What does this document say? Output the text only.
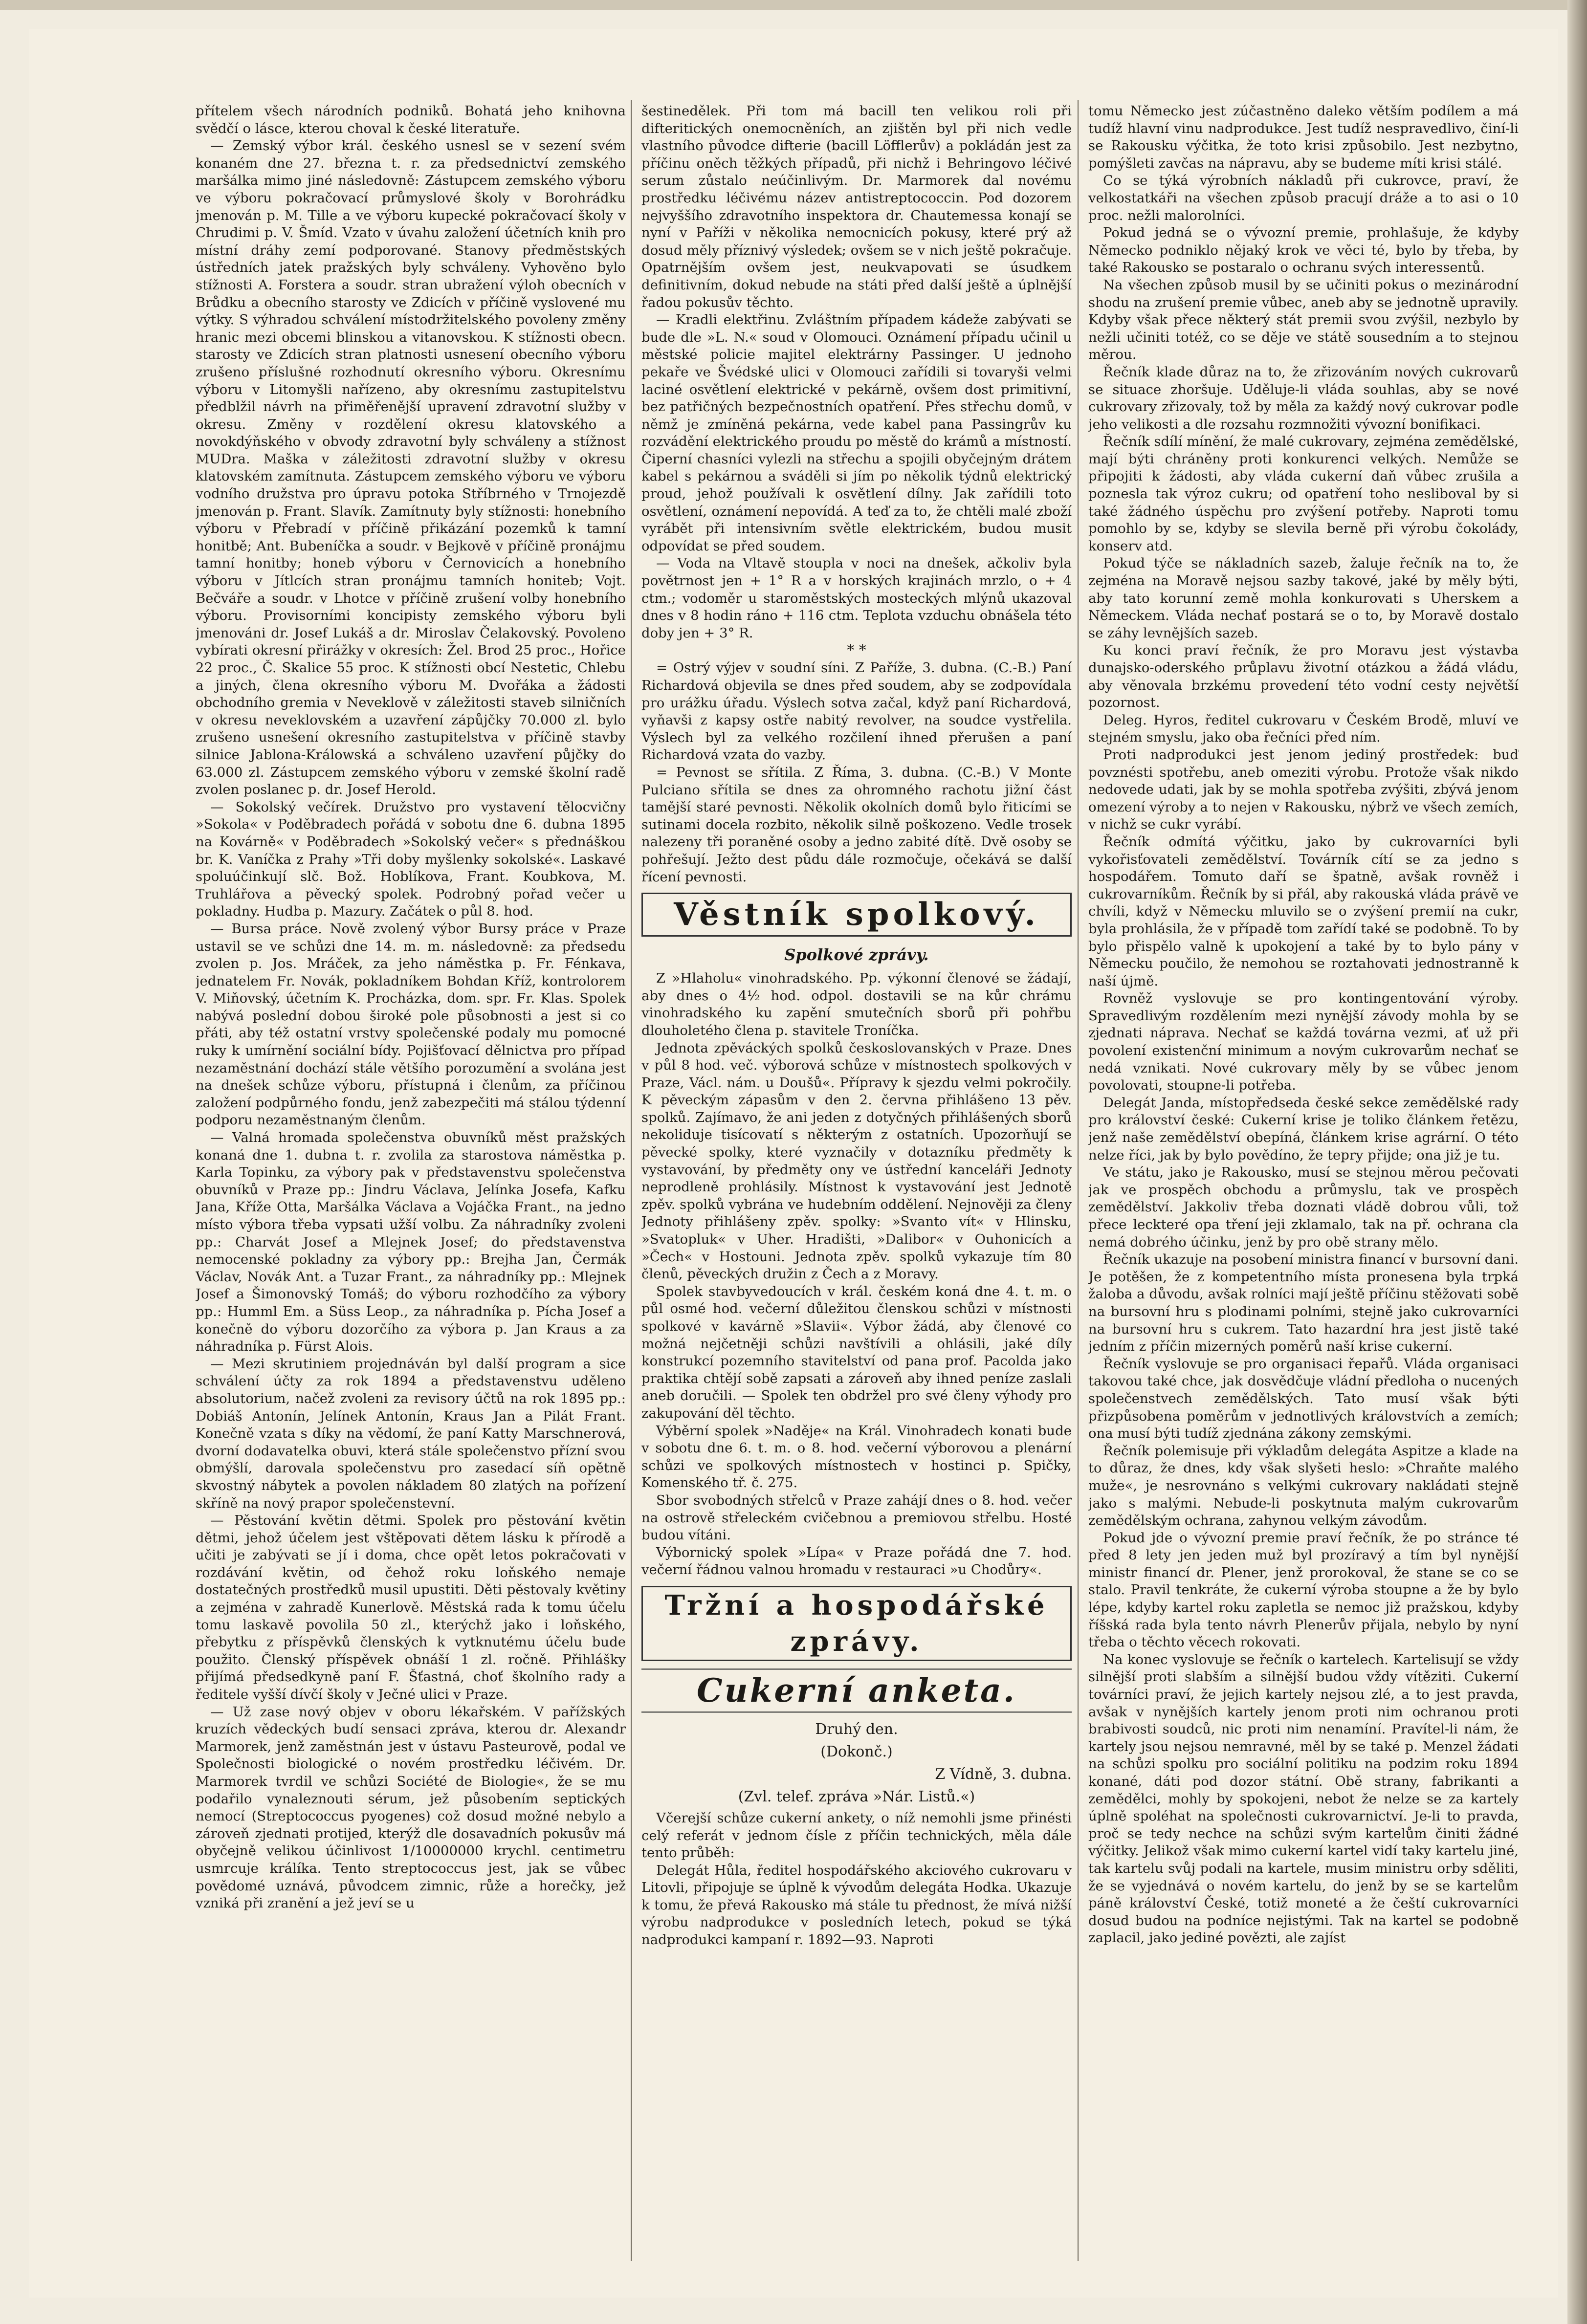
přítelem všech národních podniků. Bohatá jeho knihovna svědčí o lásce, kterou choval k české literatuře.

— Zemský výbor král. českého usnesl se v sezení svém konaném dne 27. března t. r. za předsednictví zemského maršálka mimo jiné následovně: Zástupcem zemského výboru ve výboru pokračovací průmyslové školy v Borohrádku jmenován p. M. Tille a ve výboru kupecké pokračovací školy v Chrudimi p. V. Šmíd. Vzato v úvahu založení účetních knih pro místní dráhy zemí podporované. Stanovy předměstských ústředních jatek pražských byly schváleny. Vyhověno bylo stížnosti A. Forstera a soudr. stran ubražení výloh obecních v Brůdku a obecního starosty ve Zdicích v příčině vyslovené mu výtky. S výhradou schválení místodržitelského povoleny změny hranic mezi obcemi blinskou a vitanovskou. K stížnosti obecn. starosty ve Zdicích stran platnosti usnesení obecního výboru zrušeno příslušné rozhodnutí okresního výboru. Okresnímu výboru v Litomyšli nařízeno, aby okresnímu zastupitelstvu předblžil návrh na přiměřenější upravení zdravotní služby v okresu. Změny v rozdělení okresu klatovského a novokdýňského v obvody zdravotní byly schváleny a stížnost MUDra. Maška v záležitosti zdravotní služby v okresu klatovském zamítnuta. Zástupcem zemského výboru ve výboru vodního družstva pro úpravu potoka Stříbrného v Trnojezdě jmenován p. Frant. Slavík. Zamítnuty byly stížnosti: honebního výboru v Přebradí v příčině přikázání pozemků k tamní honitbě; Ant. Bubeníčka a soudr. v Bejkově v příčině pronájmu tamní honitby; honeb výboru v Černovicích a honebního výboru v Jítlcích stran pronájmu tamních honiteb; Vojt. Bečváře a soudr. v Lhotce v příčině zrušení volby honebního výboru. Provisorními koncipisty zemského výboru byli jmenováni dr. Josef Lukáš a dr. Miroslav Čelakovský. Povoleno vybírati okresní přirážky v okresích: Žel. Brod 25 proc., Hořice 22 proc., Č. Skalice 55 proc. K stížnosti obcí Nestetic, Chlebu a jiných, člena okresního výboru M. Dvořáka a žádosti obchodního gremia v Neveklově v záležitosti staveb silničních v okresu neveklovském a uzavření zápůjčky 70.000 zl. bylo zrušeno usnešení okresního zastupitelstva v příčině stavby silnice Jablona-Králowská a schváleno uzavření půjčky do 63.000 zl. Zástupcem zemského výboru v zemské školní radě zvolen poslanec p. dr. Josef Herold.

— Sokolský večírek. Družstvo pro vystavení tělocvičny »Sokola« v Poděbradech pořádá v sobotu dne 6. dubna 1895 na Kovárně« v Poděbradech »Sokolský večer« s přednáškou br. K. Vaníčka z Prahy »Tři doby myšlenky sokolské«. Laskavé spoluúčinkují slč. Bož. Hoblíkova, Frant. Koubkova, M. Truhlářova a pěvecký spolek. Podrobný pořad večer u pokladny. Hudba p. Mazury. Začátek o půl 8. hod.

— Bursa práce. Nově zvolený výbor Bursy práce v Praze ustavil se ve schůzi dne 14. m. m. následovně: za předsedu zvolen p. Jos. Mráček, za jeho náměstka p. Fr. Fénkava, jednatelem Fr. Novák, pokladníkem Bohdan Kříž, kontrolorem V. Miňovský, účetním K. Procházka, dom. spr. Fr. Klas. Spolek nabývá poslední dobou široké pole působnosti a jest si co přáti, aby též ostatní vrstvy společenské podaly mu pomocné ruky k umírnění sociální bídy. Pojišťovací dělnictva pro případ nezaměstnání dochází stále většího porozumění a svolána jest na dnešek schůze výboru, přístupná i členům, za příčinou založení podpůrného fondu, jenž zabezpečiti má stálou týdenní podporu nezaměstnaným členům.

— Valná hromada společenstva obuvníků měst pražských konaná dne 1. dubna t. r. zvolila za starostova náměstka p. Karla Topinku, za výbory pak v představenstvu společenstva obuvníků v Praze pp.: Jindru Václava, Jelínka Josefa, Kafku Jana, Kříže Otta, Maršálka Václava a Vojáčka Frant., na jedno místo výbora třeba vypsati užší volbu. Za náhradníky zvoleni pp.: Charvát Josef a Mlejnek Josef; do představenstva nemocenské pokladny za výbory pp.: Brejha Jan, Čermák Václav, Novák Ant. a Tuzar Frant., za náhradníky pp.: Mlejnek Josef a Šimonovský Tomáš; do výboru rozhodčího za výbory pp.: Humml Em. a Süss Leop., za náhradníka p. Pícha Josef a konečně do výboru dozorčího za výbora p. Jan Kraus a za náhradníka p. Fürst Alois.

— Mezi skrutiniem projednáván byl další program a sice schválení účty za rok 1894 a představenstvu uděleno absolutorium, načež zvoleni za revisory účtů na rok 1895 pp.: Dobiáš Antonín, Jelínek Antonín, Kraus Jan a Pilát Frant. Konečně vzata s díky na vědomí, že paní Katty Marschnerová, dvorní dodavatelka obuvi, která stále společenstvo přízní svou obmýšlí, darovala společenstvu pro zasedací síň opětně skvostný nábytek a povolen nákladem 80 zlatých na pořízení skříně na nový prapor společenstevní.

— Pěstování květin dětmi. Spolek pro pěstování květin dětmi, jehož účelem jest vštěpovati dětem lásku k přírodě a učiti je zabývati se jí i doma, chce opět letos pokračovati v rozdávání květin, od čehož roku loňského nemaje dostatečných prostředků musil upustiti. Děti pěstovaly květiny a zejména v zahradě Kunerlově. Městská rada k tomu účelu tomu laskavě povolila 50 zl., kterýchž jako i loňského, přebytku z příspěvků členských k vytknutému účelu bude použito. Členský příspěvek obnáší 1 zl. ročně. Přihlášky přijímá předsedkyně paní F. Šťastná, choť školního rady a ředitele vyšší dívčí školy v Ječné ulici v Praze.

— Už zase nový objev v oboru lékařském. V pařížských kruzích vědeckých budí sensaci zpráva, kterou dr. Alexandr Marmorek, jenž zaměstnán jest v ústavu Pasteurově, podal ve Společnosti biologické o novém prostředku léčivém. Dr. Marmorek tvrdil ve schůzi Société de Biologie«, že se mu podařilo vynaleznouti sérum, jež působením septických nemocí (Streptococcus pyogenes) což dosud možné nebylo a zároveň zjednati protijed, kterýž dle dosavadních pokusův má obyčejně velikou účinlivost 1/10000000 krychl. centimetru usmrcuje králíka. Tento streptococcus jest, jak se vůbec povědomé uznává, původcem zimnic, růže a horečky, jež vzniká při zranění a jež jeví se u

šestinedělek. Při tom má bacill ten velikou roli při difteritických onemocněních, an zjištěn byl při nich vedle vlastního původce difterie (bacill Löfflerův) a pokládán jest za příčinu oněch těžkých případů, při nichž i Behringovo léčivé serum zůstalo neúčinlivým. Dr. Marmorek dal novému prostředku léčivému název antistreptococcin. Pod dozorem nejvyššího zdravotního inspektora dr. Chautemessa konají se nyní v Paříži v několika nemocnicích pokusy, které prý až dosud měly příznivý výsledek; ovšem se v nich ještě pokračuje. Opatrnějším ovšem jest, neukvapovati se úsudkem definitivním, dokud nebude na státi před další ještě a úplnější řadou pokusův těchto.

— Kradli elektřinu. Zvláštním případem kádeže zabývati se bude dle »L. N.« soud v Olomouci. Oznámení případu učinil u městské policie majitel elektrárny Passinger. U jednoho pekaře ve Švédské ulici v Olomouci zařídili si tovaryši velmi laciné osvětlení elektrické v pekárně, ovšem dost primitivní, bez patřičných bezpečnostních opatření. Přes střechu domů, v němž je zmíněná pekárna, vede kabel pana Passingrův ku rozvádění elektrického proudu po městě do krámů a místností. Čiperní chasníci vylezli na střechu a spojili obyčejným drátem kabel s pekárnou a sváděli si jím po několik týdnů elektrický proud, jehož používali k osvětlení dílny. Jak zařídili toto osvětlení, oznámení nepovídá. A teď za to, že chtěli malé zboží vyrábět při intensivním světle elektrickém, budou musit odpovídat se před soudem.

— Voda na Vltavě stoupla v noci na dnešek, ačkoliv byla povětrnost jen + 1° R a v horských krajinách mrzlo, o + 4 ctm.; vodoměr u staroměstských mosteckých mlýnů ukazoval dnes v 8 hodin ráno + 116 ctm. Teplota vzduchu obnášela této doby jen + 3° R.

* *

= Ostrý výjev v soudní síni. Z Paříže, 3. dubna. (C.-B.) Paní Richardová objevila se dnes před soudem, aby se zodpovídala pro urážku úřadu. Výslech sotva začal, když paní Richardová, vyňavši z kapsy ostře nabitý revolver, na soudce vystřelila. Výslech byl za velkého rozčilení ihned přerušen a paní Richardová vzata do vazby.

= Pevnost se sřítila. Z Říma, 3. dubna. (C.-B.) V Monte Pulciano sřítila se dnes za ohromného rachotu jižní část tamější staré pevnosti. Několik okolních domů bylo řiticími se sutinami docela rozbito, několik silně poškozeno. Vedle trosek nalezeny tři poraněné osoby a jedno zabité dítě. Dvě osoby se pohřešují. Ježto dest půdu dále rozmočuje, očekává se další řícení pevnosti.

Věstník spolkový.
Spolkové zprávy.

Z »Hlaholu« vinohradského. Pp. výkonní členové se žádají, aby dnes o 4½ hod. odpol. dostavili se na kůr chrámu vinohradského ku zapění smutečních sborů při pohřbu dlouholetého člena p. stavitele Troníčka.

Jednota zpěváckých spolků českoslovanských v Praze. Dnes v půl 8 hod. več. výborová schůze v místnostech spolkových v Praze, Václ. nám. u Doušů«. Přípravy k sjezdu velmi pokročily. K pěveckým zápasům v den 2. června přihlášeno 13 pěv. spolků. Zajímavo, že ani jeden z dotyčných přihlášených sborů nekoliduje tisícovatí s některým z ostatních. Upozorňují se pěvecké spolky, které vyznačily v dotazníku předměty k vystavování, by předměty ony ve ústřední kanceláři Jednoty neprodleně prohlásily. Místnost k vystavování jest Jednotě zpěv. spolků vybrána ve hudebním oddělení. Nejnověji za členy Jednoty přihlášeny zpěv. spolky: »Svanto vít« v Hlinsku, »Svatopluk« v Uher. Hradišti, »Dalibor« v Ouhonicích a »Čech« v Hostouni. Jednota zpěv. spolků vykazuje tím 80 členů, pěveckých družin z Čech a z Moravy.

Spolek stavbyvedoucích v král. českém koná dne 4. t. m. o půl osmé hod. večerní důležitou členskou schůzi v místnosti spolkové v kavárně »Slavii«. Výbor žádá, aby členové co možná nejčetněji schůzi navštívili a ohlásili, jaké díly konstrukcí pozemního stavitelství od pana prof. Pacolda jako praktika chtějí sobě zapsati a zároveň aby ihned peníze zaslali aneb doručili. — Spolek ten obdržel pro své členy výhody pro zakupování děl těchto.

Výběrní spolek »Naděje« na Král. Vinohradech konati bude v sobotu dne 6. t. m. o 8. hod. večerní výborovou a plenární schůzi ve spolkových místnostech v hostinci p. Spičky, Komenského tř. č. 275.

Sbor svobodných střelců v Praze zahájí dnes o 8. hod. večer na ostrově střeleckém cvičebnou a premiovou střelbu. Hosté budou vítáni.

Výbornický spolek »Lípa« v Praze pořádá dne 7. hod. večerní řádnou valnou hromadu v restauraci »u Chodůry«.

Tržní a hospodářské zprávy.
Cukerní anketa.
Druhý den.
(Dokonč.)
Z Vídně, 3. dubna.
(Zvl. telef. zpráva »Nár. Listů.«)

Včerejší schůze cukerní ankety, o níž nemohli jsme přinésti celý referát v jednom čísle z příčin technických, měla dále tento průběh:

Delegát Hůla, ředitel hospodářského akciového cukrovaru v Litovli, připojuje se úplně k vývodům delegáta Hodka. Ukazuje k tomu, že převá Rakousko má stále tu přednost, že mívá nižší výrobu nadprodukce v posledních letech, pokud se týká nadprodukci kampaní r. 1892—93. Naproti

tomu Německo jest zúčastněno daleko větším podílem a má tudíž hlavní vinu nadprodukce. Jest tudíž nespravedlivo, činí-li se Rakousku výčitka, že toto krisi způsobilo. Jest nezbytno, pomýšleti zavčas na nápravu, aby se budeme míti krisi stálé.

Co se týká výrobních nákladů při cukrovce, praví, že velkostatkáři na všechen způsob pracují dráže a to asi o 10 proc. nežli malorolníci.

Pokud jedná se o vývozní premie, prohlašuje, že kdyby Německo podniklo nějaký krok ve věci té, bylo by třeba, by také Rakousko se postaralo o ochranu svých interessentů.

Na všechen způsob musil by se učiniti pokus o mezinárodní shodu na zrušení premie vůbec, aneb aby se jednotně upravily. Kdyby však přece některý stát premii svou zvýšil, nezbylo by nežli učiniti totéž, co se děje ve státě sousedním a to stejnou měrou.

Řečník klade důraz na to, že zřizováním nových cukrovarů se situace zhoršuje. Uděluje-li vláda souhlas, aby se nové cukrovary zřizovaly, tož by měla za každý nový cukrovar podle jeho velikosti a dle rozsahu rozmnožiti vývozní bonifikaci.

Řečník sdílí mínění, že malé cukrovary, zejména zemědělské, mají býti chráněny proti konkurenci velkých. Nemůže se připojiti k žádosti, aby vláda cukerní daň vůbec zrušila a poznesla tak výroz cukru; od opatření toho nesliboval by si také žádného úspěchu pro zvýšení potřeby. Naproti tomu pomohlo by se, kdyby se slevila berně při výrobu čokolády, konserv atd.

Pokud týče se nákladních sazeb, žaluje řečník na to, že zejména na Moravě nejsou sazby takové, jaké by měly býti, aby tato korunní země mohla konkurovati s Uherskem a Německem. Vláda nechať postará se o to, by Moravě dostalo se záhy levnějších sazeb.

Ku konci praví řečník, že pro Moravu jest výstavba dunajsko-oderského průplavu životní otázkou a žádá vládu, aby věnovala brzkému provedení této vodní cesty největší pozornost.

Deleg. Hyros, ředitel cukrovaru v Českém Brodě, mluví ve stejném smyslu, jako oba řečníci před ním.

Proti nadprodukci jest jenom jediný prostředek: buď povznésti spotřebu, aneb omeziti výrobu. Protože však nikdo nedovede udati, jak by se mohla spotřeba zvýšiti, zbývá jenom omezení výroby a to nejen v Rakousku, nýbrž ve všech zemích, v nichž se cukr vyrábí.

Řečník odmítá výčitku, jako by cukrovarníci byli vykořisťovateli zemědělství. Továrník cítí se za jedno s hospodářem. Tomuto daří se špatně, avšak rovněž i cukrovarníkům. Řečník by si přál, aby rakouská vláda právě ve chvíli, když v Německu mluvilo se o zvýšení premií na cukr, byla prohlásila, že v případě tom zařídí také se podobně. To by bylo přispělo valně k upokojení a také by to bylo pány v Německu poučilo, že nemohou se roztahovati jednostranně k naší újmě.

Rovněž vyslovuje se pro kontingentování výroby. Spravedlivým rozdělením mezi nynější závody mohla by se zjednati náprava. Nechať se každá továrna vezmi, ať už při povolení existenční minimum a novým cukrovarům nechať se nedá vznikati. Nové cukrovary měly by se vůbec jenom povolovati, stoupne-li potřeba.

Delegát Janda, místopředseda české sekce zemědělské rady pro království české: Cukerní krise je toliko článkem řetězu, jenž naše zemědělství obepíná, článkem krise agrární. O této nelze říci, jak by bylo povědíno, že tepry přijde; ona již je tu.

Ve státu, jako je Rakousko, musí se stejnou měrou pečovati jak ve prospěch obchodu a průmyslu, tak ve prospěch zemědělství. Jakkoliv třeba doznati vládě dobrou vůli, tož přece leckteré opa tření jeji zklamalo, tak na př. ochrana cla nemá dobrého účinku, jenž by pro obě strany mělo.

Řečník ukazuje na posobení ministra financí v bursovní dani. Je potěšen, že z kompetentního místa pronesena byla trpká žaloba a důvodu, avšak rolníci mají ještě příčinu stěžovati sobě na bursovní hru s plodinami polními, stejně jako cukrovarníci na bursovní hru s cukrem. Tato hazardní hra jest jistě také jedním z příčin mizerných poměrů naší krise cukerní.

Řečník vyslovuje se pro organisaci řepařů. Vláda organisaci takovou také chce, jak dosvědčuje vládní předloha o nucených společenstvech zemědělských. Tato musí však býti přizpůsobena poměrům v jednotlivých královstvích a zemích; ona musí býti tudíž zjednána zákony zemskými.

Řečník polemisuje při výkladům delegáta Aspitze a klade na to důraz, že dnes, kdy však slyšeti heslo: »Chraňte malého muže«, je nesrovnáno s velkými cukrovary nakládati stejně jako s malými. Nebude-li poskytnuta malým cukrovarům zemědělským ochrana, zahynou velkým závodům.

Pokud jde o vývozní premie praví řečník, že po stránce té před 8 lety jen jeden muž byl prozíravý a tím byl nynější ministr financí dr. Plener, jenž prorokoval, že stane se co se stalo. Pravil tenkráte, že cukerní výroba stoupne a že by bylo lépe, kdyby kartel roku zapletla se nemoc již pražskou, kdyby říšská rada byla tento návrh Plenerův přijala, nebylo by nyní třeba o těchto věcech rokovati.

Na konec vyslovuje se řečník o kartelech. Kartelisují se vždy silnější proti slabším a silnější budou vždy vítěziti. Cukerní továrníci praví, že jejich kartely nejsou zlé, a to jest pravda, avšak v nynějších kartely jenom proti nim ochranou proti brabivosti soudců, nic proti nim nenamíní. Pravítel-li nám, že kartely jsou nejsou nemravné, měl by se také p. Menzel žádati na schůzi spolku pro sociální politiku na podzim roku 1894 konané, dáti pod dozor státní. Obě strany, fabrikanti a zemědělci, mohly by spokojeni, nebot že nelze se za kartely úplně spoléhat na společnosti cukrovarnictví. Je-li to pravda, proč se tedy nechce na schůzi svým kartelům činiti žádné výčitky. Jelikož však mimo cukerní kartel vidí taky kartelu jiné, tak kartelu svůj podali na kartele, musim ministru orby sděliti, že se vyjednává o novém kartelu, do jenž by se se kartelům páně království České, totiž moneté a že čeští cukrovarníci dosud budou na podníce nejistými. Tak na kartel se podobně zaplacil, jako jediné povězti, ale zajíst
